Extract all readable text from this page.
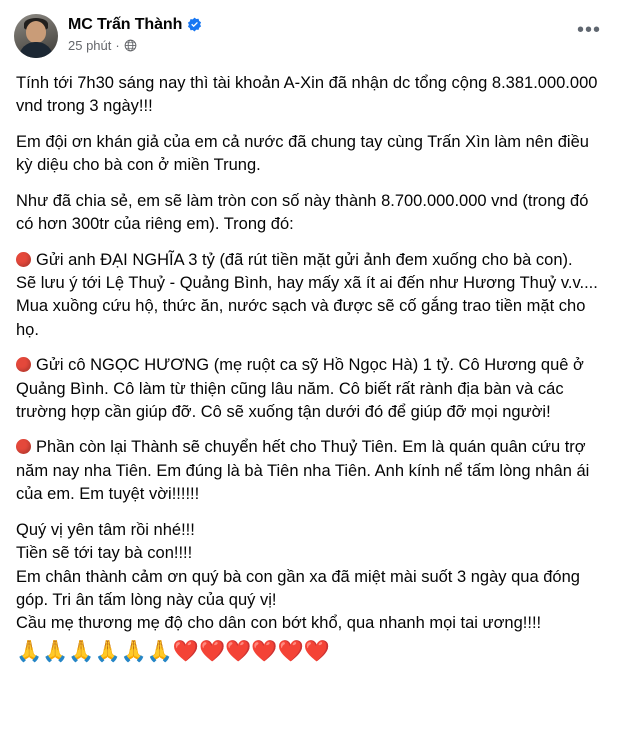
MC Trấn Thành
25 phút ·
•••

Tính tới 7h30 sáng nay thì tài khoản A-Xin đã nhận dc tổng cộng 8.381.000.000 vnd trong 3 ngày!!!

Em đội ơn khán giả của em cả nước đã chung tay cùng Trấn Xìn làm nên điều kỳ diệu cho bà con ở miền Trung.

Như đã chia sẻ, em sẽ làm tròn con số này thành 8.700.000.000 vnd (trong đó có hơn 300tr của riêng em). Trong đó:

Gửi anh ĐẠI NGHĨA 3 tỷ (đã rút tiền mặt gửi ảnh đem xuống cho bà con).

Sẽ lưu ý tới Lệ Thuỷ - Quảng Bình, hay mấy xã ít ai đến như Hương Thuỷ v.v....

Mua xuồng cứu hộ, thức ăn, nước sạch và được sẽ cố gắng trao tiền mặt cho họ.

Gửi cô NGỌC HƯƠNG (mẹ ruột ca sỹ Hồ Ngọc Hà) 1 tỷ. Cô Hương quê ở Quảng Bình. Cô làm từ thiện cũng lâu năm. Cô biết rất rành địa bàn và các trường hợp cần giúp đỡ. Cô sẽ xuống tận dưới đó để giúp đỡ mọi người!

Phần còn lại Thành sẽ chuyển hết cho Thuỷ Tiên. Em là quán quân cứu trợ năm nay nha Tiên. Em đúng là bà Tiên nha Tiên. Anh kính nể tấm lòng nhân ái của em. Em tuyệt vời!!!!!!

Quý vị yên tâm rồi nhé!!!

Tiền sẽ tới tay bà con!!!!

Em chân thành cảm ơn quý bà con gần xa đã miệt mài suốt 3 ngày qua đóng góp. Tri ân tấm lòng này của quý vị!

Cầu mẹ thương mẹ độ cho dân con bớt khổ, qua nhanh mọi tai ương!!!!

🙏🙏🙏🙏🙏🙏❤️❤️❤️❤️❤️❤️
